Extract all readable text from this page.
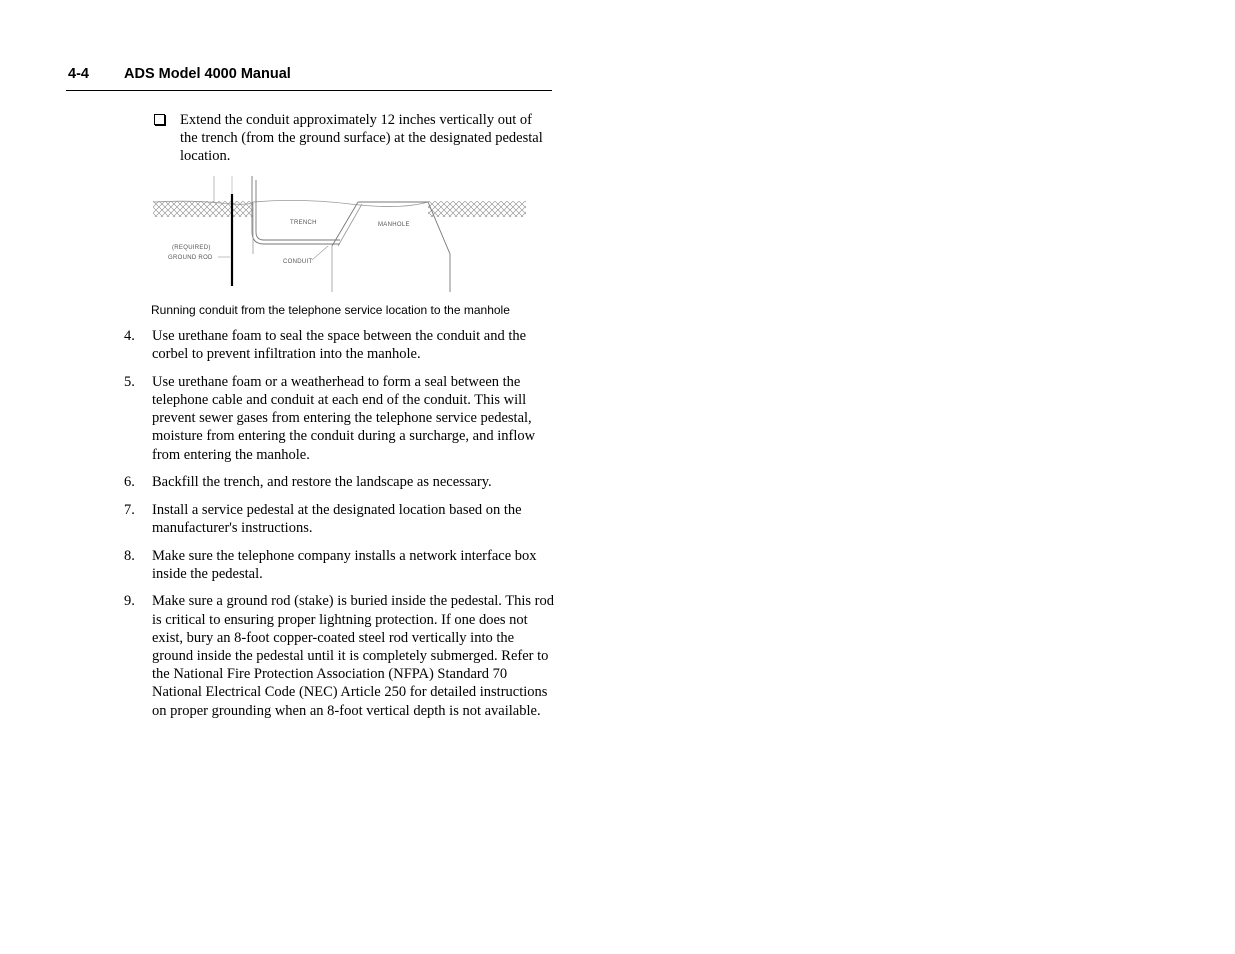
4-4 ADS Model 4000 Manual
Extend the conduit approximately 12 inches vertically out of the trench (from the ground surface) at the designated pedestal location.
TRENCH	MANHOLE
(REQUIRED)
GROUND ROD
CONDUIT
Running conduit from the telephone service location to the manhole
4. Use urethane foam to seal the space between the conduit and the corbel to prevent infiltration into the manhole.
5. Use urethane foam or a weatherhead to form a seal between the telephone cable and conduit at each end of the conduit. This will prevent sewer gases from entering the telephone service pedestal, moisture from entering the conduit during a surcharge, and inflow from entering the manhole.
6. Backfill the trench, and restore the landscape as necessary.
7. Install a service pedestal at the designated location based on the manufacturer's instructions.
8. Make sure the telephone company installs a network interface box inside the pedestal.
9. Make sure a ground rod (stake) is buried inside the pedestal. This rod is critical to ensuring proper lightning protection. If one does not exist, bury an 8-foot copper-coated steel rod vertically into the ground inside the pedestal until it is completely submerged. Refer to the National Fire Protection Association (NFPA) Standard 70 National Electrical Code (NEC) Article 250 for detailed instructions on proper grounding when an 8-foot vertical depth is not available.
